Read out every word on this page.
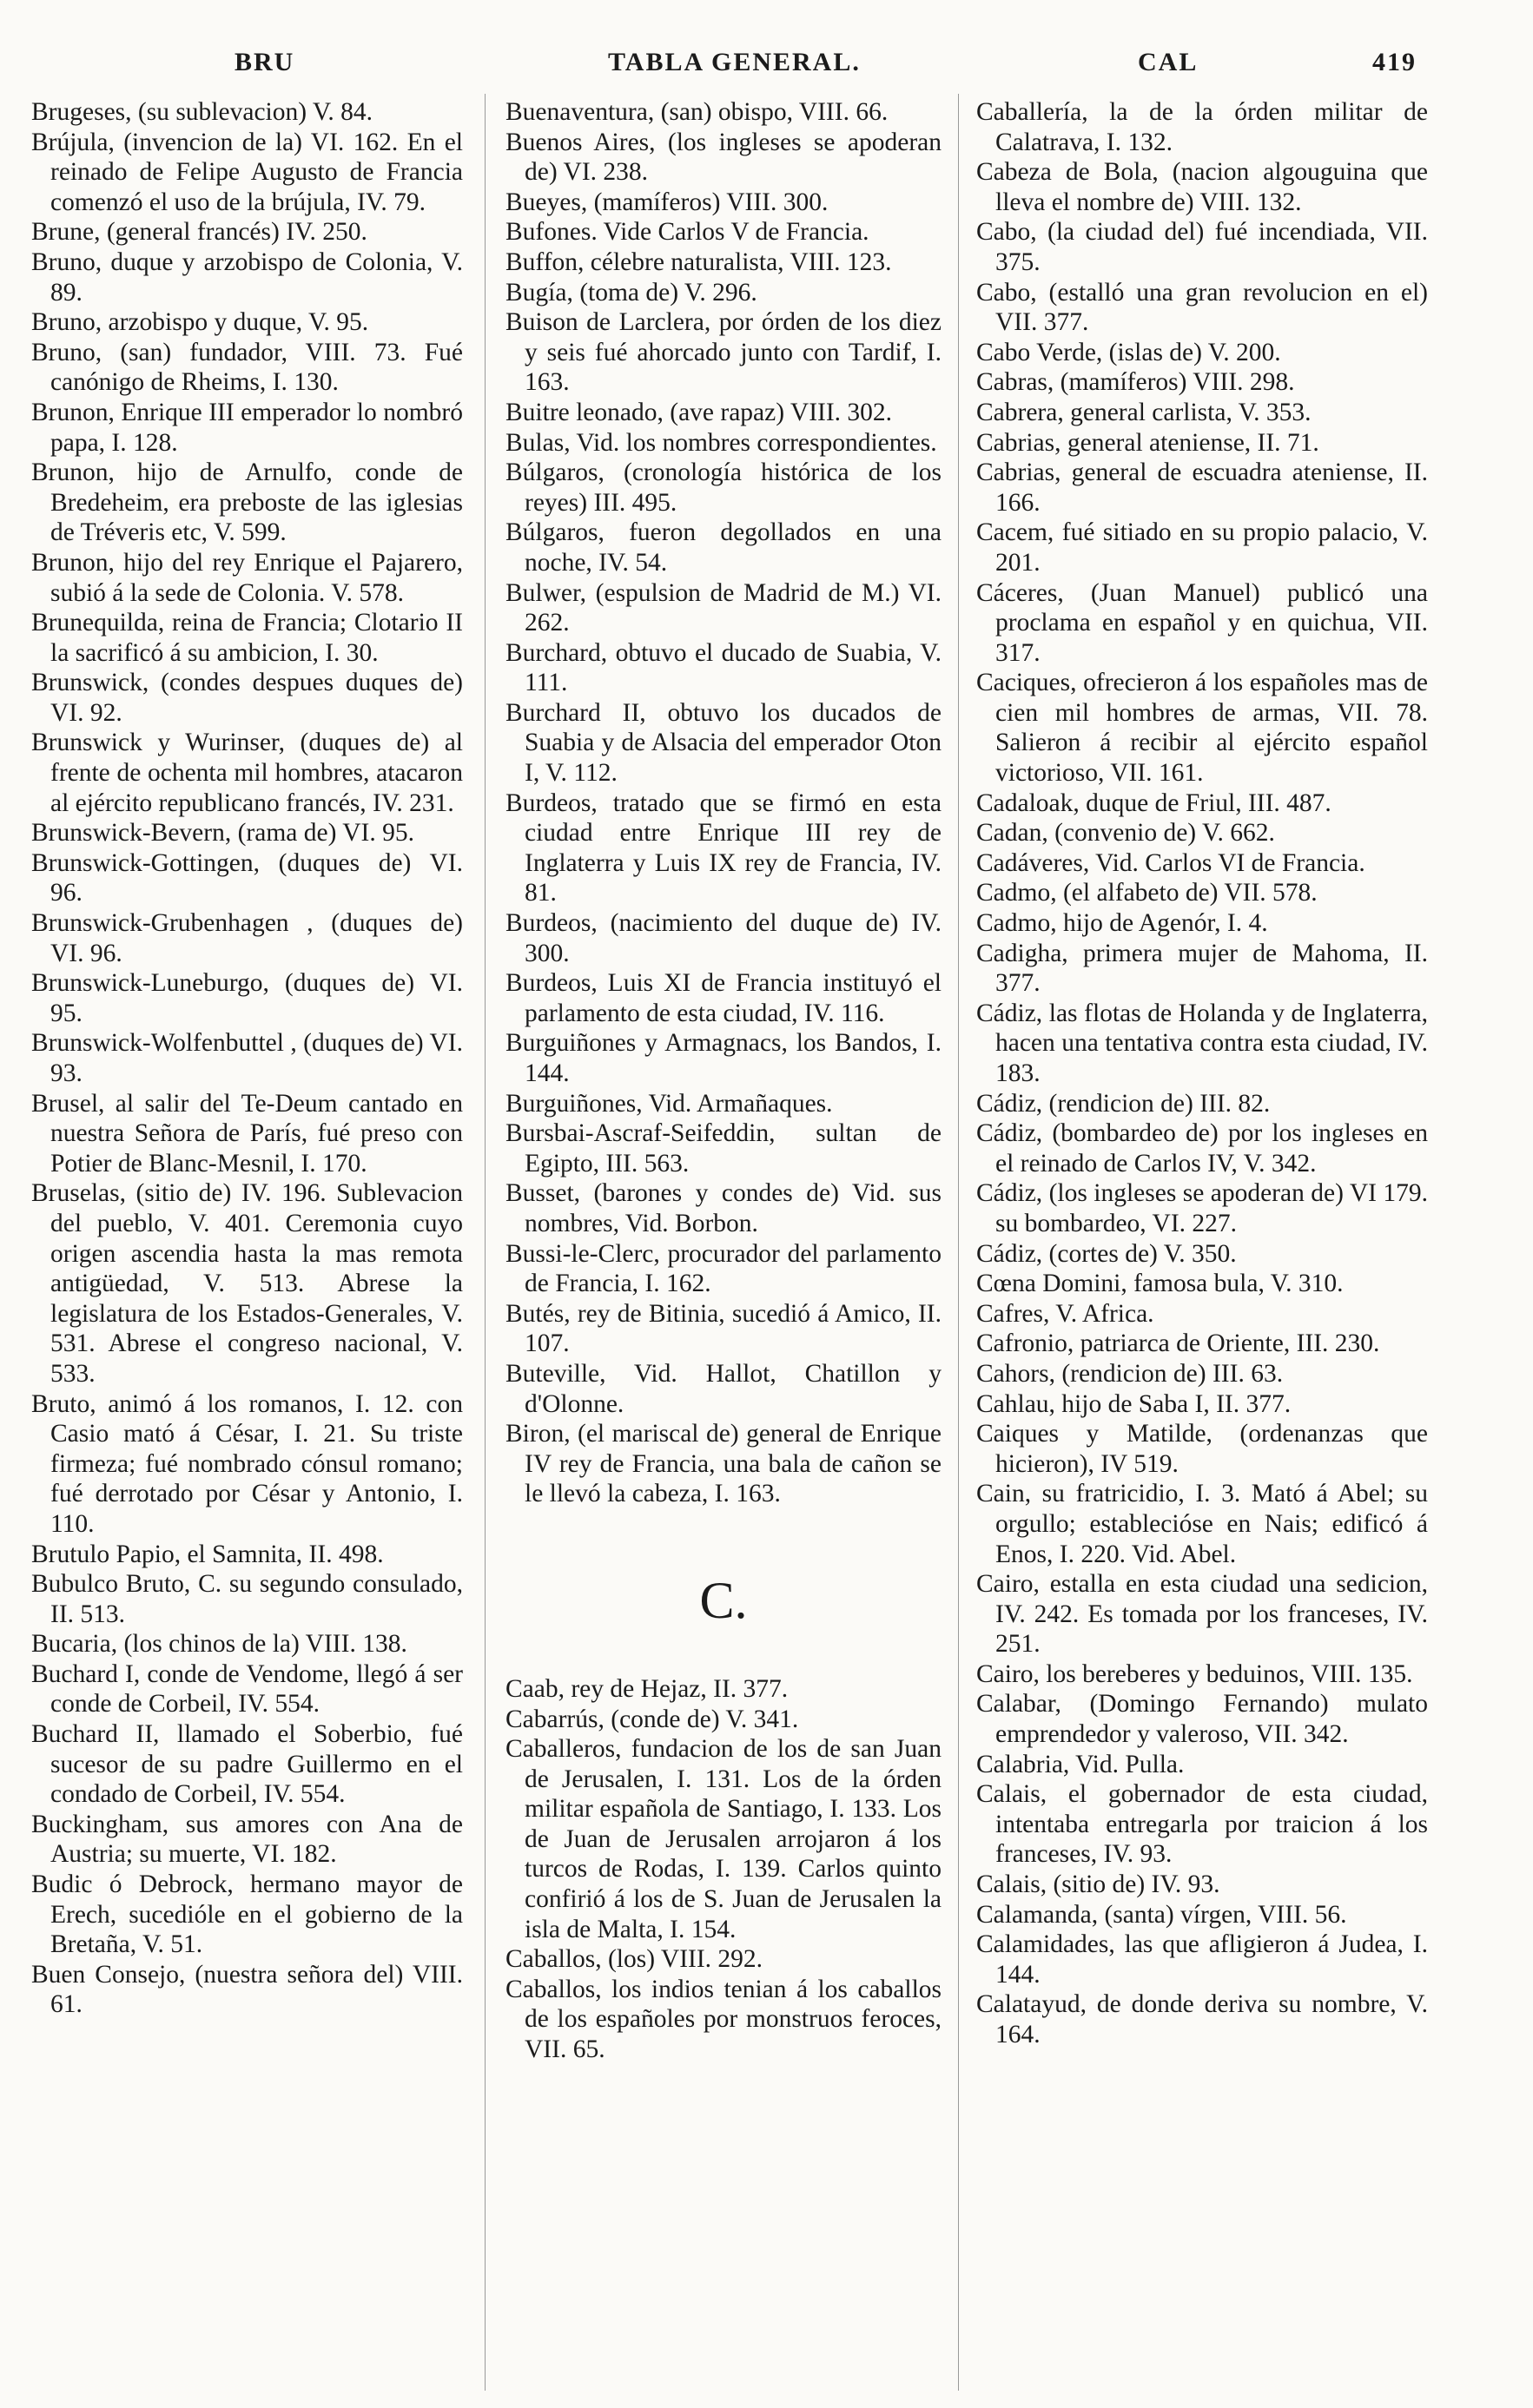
BRU	TABLA GENERAL.	CAL	419

Brugeses, (su sublevacion) V. 84.

Brújula, (invencion de la) VI. 162. En el reinado de Felipe Augusto de Francia comenzó el uso de la brújula, IV. 79.

Brune, (general francés) IV. 250.

Bruno, duque y arzobispo de Colonia, V. 89.

Bruno, arzobispo y duque, V. 95.

Bruno, (san) fundador, VIII. 73. Fué canónigo de Rheims, I. 130.

Brunon, Enrique III emperador lo nombró papa, I. 128.

Brunon, hijo de Arnulfo, conde de Bredeheim, era preboste de las iglesias de Tréveris etc, V. 599.

Brunon, hijo del rey Enrique el Pajarero, subió á la sede de Colonia. V. 578.

Brunequilda, reina de Francia; Clotario II la sacrificó á su ambicion, I. 30.

Brunswick, (condes despues duques de) VI. 92.

Brunswick y Wurinser, (duques de) al frente de ochenta mil hombres, atacaron al ejército republicano francés, IV. 231.

Brunswick-Bevern, (rama de) VI. 95.

Brunswick-Gottingen, (duques de) VI. 96.

Brunswick-Grubenhagen , (duques de) VI. 96.

Brunswick-Luneburgo, (duques de) VI. 95.

Brunswick-Wolfenbuttel , (duques de) VI. 93.

Brusel, al salir del Te-Deum cantado en nuestra Señora de París, fué preso con Potier de Blanc-Mesnil, I. 170.

Bruselas, (sitio de) IV. 196. Sublevacion del pueblo, V. 401. Ceremonia cuyo origen ascendia hasta la mas remota antigüedad, V. 513. Abrese la legislatura de los Estados-Generales, V. 531. Abrese el congreso nacional, V. 533.

Bruto, animó á los romanos, I. 12. con Casio mató á César, I. 21. Su triste firmeza; fué nombrado cónsul romano; fué derrotado por César y Antonio, I. 110.

Brutulo Papio, el Samnita, II. 498.

Bubulco Bruto, C. su segundo consulado, II. 513.

Bucaria, (los chinos de la) VIII. 138.

Buchard I, conde de Vendome, llegó á ser conde de Corbeil, IV. 554.

Buchard II, llamado el Soberbio, fué sucesor de su padre Guillermo en el condado de Corbeil, IV. 554.

Buckingham, sus amores con Ana de Austria; su muerte, VI. 182.

Budic ó Debrock, hermano mayor de Erech, sucedióle en el gobierno de la Bretaña, V. 51.

Buen Consejo, (nuestra señora del) VIII. 61.

Buenaventura, (san) obispo, VIII. 66.

Buenos Aires, (los ingleses se apoderan de) VI. 238.

Bueyes, (mamíferos) VIII. 300.

Bufones. Vide Carlos V de Francia.

Buffon, célebre naturalista, VIII. 123.

Bugía, (toma de) V. 296.

Buison de Larclera, por órden de los diez y seis fué ahorcado junto con Tardif, I. 163.

Buitre leonado, (ave rapaz) VIII. 302.

Bulas, Vid. los nombres correspondientes.

Búlgaros, (cronología histórica de los reyes) III. 495.

Búlgaros, fueron degollados en una noche, IV. 54.

Bulwer, (espulsion de Madrid de M.) VI. 262.

Burchard, obtuvo el ducado de Suabia, V. 111.

Burchard II, obtuvo los ducados de Suabia y de Alsacia del emperador Oton I, V. 112.

Burdeos, tratado que se firmó en esta ciudad entre Enrique III rey de Inglaterra y Luis IX rey de Francia, IV. 81.

Burdeos, (nacimiento del duque de) IV. 300.

Burdeos, Luis XI de Francia instituyó el parlamento de esta ciudad, IV. 116.

Burguiñones y Armagnacs, los Bandos, I. 144.

Burguiñones, Vid. Armañaques.

Bursbai-Ascraf-Seifeddin, sultan de Egipto, III. 563.

Busset, (barones y condes de) Vid. sus nombres, Vid. Borbon.

Bussi-le-Clerc, procurador del parlamento de Francia, I. 162.

Butés, rey de Bitinia, sucedió á Amico, II. 107.

Buteville, Vid. Hallot, Chatillon y d'Olonne.

Biron, (el mariscal de) general de Enrique IV rey de Francia, una bala de cañon se le llevó la cabeza, I. 163.

C.

Caab, rey de Hejaz, II. 377.

Cabarrús, (conde de) V. 341.

Caballeros, fundacion de los de san Juan de Jerusalen, I. 131. Los de la órden militar española de Santiago, I. 133. Los de Juan de Jerusalen arrojaron á los turcos de Rodas, I. 139. Carlos quinto confirió á los de S. Juan de Jerusalen la isla de Malta, I. 154.

Caballos, (los) VIII. 292.

Caballos, los indios tenian á los caballos de los españoles por monstruos feroces, VII. 65.

Caballería, la de la órden militar de Calatrava, I. 132.

Cabeza de Bola, (nacion algouguina que lleva el nombre de) VIII. 132.

Cabo, (la ciudad del) fué incendiada, VII. 375.

Cabo, (estalló una gran revolucion en el) VII. 377.

Cabo Verde, (islas de) V. 200.

Cabras, (mamíferos) VIII. 298.

Cabrera, general carlista, V. 353.

Cabrias, general ateniense, II. 71.

Cabrias, general de escuadra ateniense, II. 166.

Cacem, fué sitiado en su propio palacio, V. 201.

Cáceres, (Juan Manuel) publicó una proclama en español y en quichua, VII. 317.

Caciques, ofrecieron á los españoles mas de cien mil hombres de armas, VII. 78. Salieron á recibir al ejército español victorioso, VII. 161.

Cadaloak, duque de Friul, III. 487.

Cadan, (convenio de) V. 662.

Cadáveres, Vid. Carlos VI de Francia.

Cadmo, (el alfabeto de) VII. 578.

Cadmo, hijo de Agenór, I. 4.

Cadigha, primera mujer de Mahoma, II. 377.

Cádiz, las flotas de Holanda y de Inglaterra, hacen una tentativa contra esta ciudad, IV. 183.

Cádiz, (rendicion de) III. 82.

Cádiz, (bombardeo de) por los ingleses en el reinado de Carlos IV, V. 342.

Cádiz, (los ingleses se apoderan de) VI 179. su bombardeo, VI. 227.

Cádiz, (cortes de) V. 350.

Cœna Domini, famosa bula, V. 310.

Cafres, V. Africa.

Cafronio, patriarca de Oriente, III. 230.

Cahors, (rendicion de) III. 63.

Cahlau, hijo de Saba I, II. 377.

Caiques y Matilde, (ordenanzas que hicieron), IV 519.

Cain, su fratricidio, I. 3. Mató á Abel; su orgullo; establecióse en Nais; edificó á Enos, I. 220. Vid. Abel.

Cairo, estalla en esta ciudad una sedicion, IV. 242. Es tomada por los franceses, IV. 251.

Cairo, los bereberes y beduinos, VIII. 135.

Calabar, (Domingo Fernando) mulato emprendedor y valeroso, VII. 342.

Calabria, Vid. Pulla.

Calais, el gobernador de esta ciudad, intentaba entregarla por traicion á los franceses, IV. 93.

Calais, (sitio de) IV. 93.

Calamanda, (santa) vírgen, VIII. 56.

Calamidades, las que afligieron á Judea, I. 144.

Calatayud, de donde deriva su nombre, V. 164.
